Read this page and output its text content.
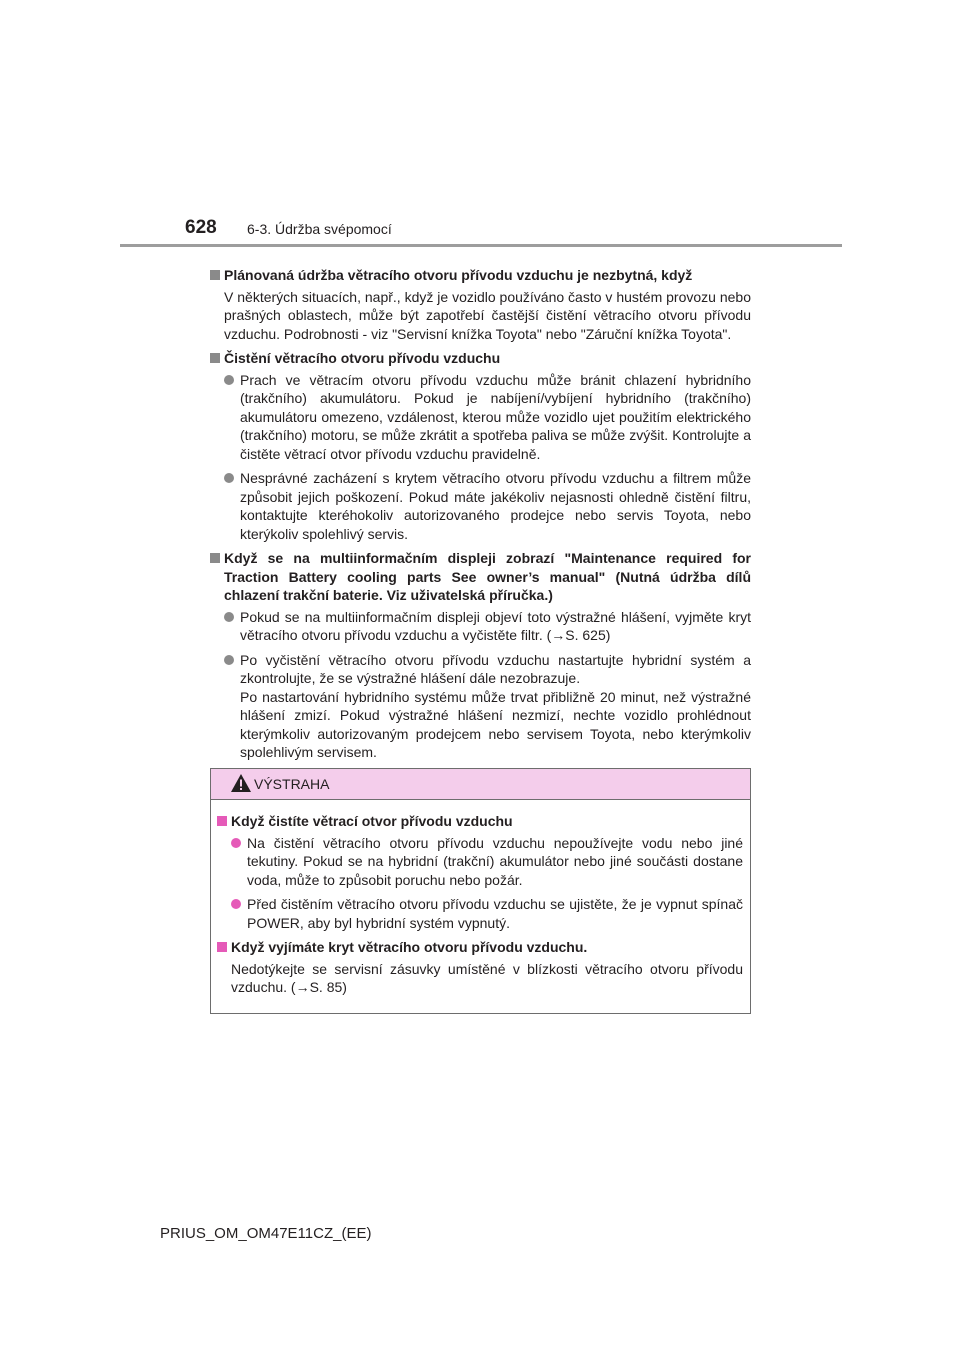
628 6-3. Údržba svépomocí
Plánovaná údržba větracího otvoru přívodu vzduchu je nezbytná, když
V některých situacích, např., když je vozidlo používáno často v hustém provozu nebo prašných oblastech, může být zapotřebí častější čistění větracího otvoru přívodu vzduchu. Podrobnosti - viz "Servisní knížka Toyota" nebo "Záruční knížka Toyota".
Čistění větracího otvoru přívodu vzduchu
Prach ve větracím otvoru přívodu vzduchu může bránit chlazení hybridního (trakčního) akumulátoru. Pokud je nabíjení/vybíjení hybridního (trakčního) akumulátoru omezeno, vzdálenost, kterou může vozidlo ujet použitím elektrického (trakčního) motoru, se může zkrátit a spotřeba paliva se může zvýšit. Kontrolujte a čistěte větrací otvor přívodu vzduchu pravidelně.
Nesprávné zacházení s krytem větracího otvoru přívodu vzduchu a filtrem může způsobit jejich poškození. Pokud máte jakékoliv nejasnosti ohledně čistění filtru, kontaktujte kteréhokoliv autorizovaného prodejce nebo servis Toyota, nebo kterýkoliv spolehlivý servis.
Když se na multiinformačním displeji zobrazí "Maintenance required for Traction Battery cooling parts See owner’s manual" (Nutná údržba dílů chlazení trakční baterie. Viz uživatelská příručka.)
Pokud se na multiinformačním displeji objeví toto výstražné hlášení, vyjměte kryt větracího otvoru přívodu vzduchu a vyčistěte filtr. (→S. 625)
Po vyčistění větracího otvoru přívodu vzduchu nastartujte hybridní systém a zkontrolujte, že se výstražné hlášení dále nezobrazuje.
Po nastartování hybridního systému může trvat přibližně 20 minut, než výstražné hlášení zmizí. Pokud výstražné hlášení nezmizí, nechte vozidlo prohlédnout kterýmkoliv autorizovaným prodejcem nebo servisem Toyota, nebo kterýmkoliv spolehlivým servisem.
VÝSTRAHA
Když čistíte větrací otvor přívodu vzduchu
Na čistění větracího otvoru přívodu vzduchu nepoužívejte vodu nebo jiné tekutiny. Pokud se na hybridní (trakční) akumulátor nebo jiné součásti dostane voda, může to způsobit poruchu nebo požár.
Před čistěním větracího otvoru přívodu vzduchu se ujistěte, že je vypnut spínač POWER, aby byl hybridní systém vypnutý.
Když vyjímáte kryt větracího otvoru přívodu vzduchu.
Nedotýkejte se servisní zásuvky umístěné v blízkosti větracího otvoru přívodu vzduchu. (→S. 85)
PRIUS_OM_OM47E11CZ_(EE)
